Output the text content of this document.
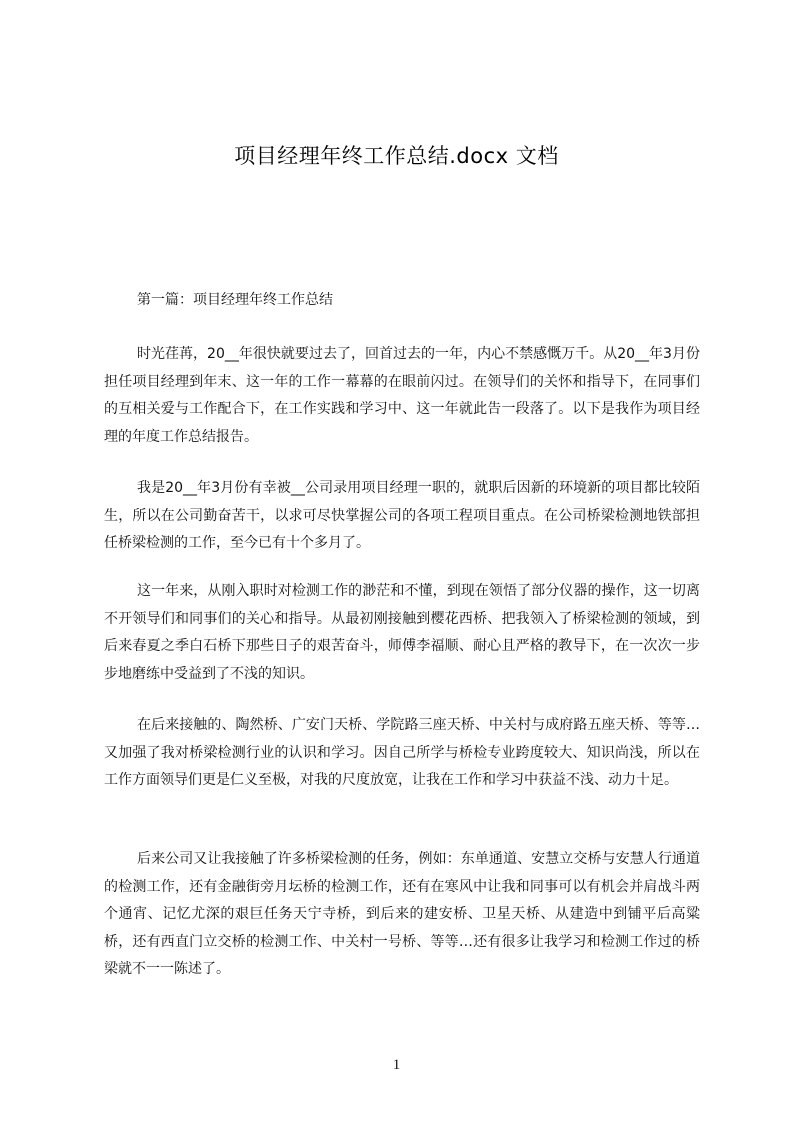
项目经理年终工作总结.docx 文档

第一篇：项目经理年终工作总结

时光荏苒，20__年很快就要过去了，回首过去的一年，内心不禁感慨万千。从20__年3月份担任项目经理到年末、这一年的工作一幕幕的在眼前闪过。在领导们的关怀和指导下，在同事们的互相关爱与工作配合下，在工作实践和学习中、这一年就此告一段落了。以下是我作为项目经理的年度工作总结报告。

我是20__年3月份有幸被__公司录用项目经理一职的，就职后因新的环境新的项目都比较陌生，所以在公司勤奋苦干，以求可尽快掌握公司的各项工程项目重点。在公司桥梁检测地铁部担任桥梁检测的工作，至今已有十个多月了。

这一年来，从刚入职时对检测工作的渺茫和不懂，到现在领悟了部分仪器的操作，这一切离不开领导们和同事们的关心和指导。从最初刚接触到樱花西桥、把我领入了桥梁检测的领域，到后来春夏之季白石桥下那些日子的艰苦奋斗，师傅李福顺、耐心且严格的教导下，在一次次一步步地磨练中受益到了不浅的知识。

在后来接触的、陶然桥、广安门天桥、学院路三座天桥、中关村与成府路五座天桥、等等…又加强了我对桥梁检测行业的认识和学习。因自己所学与桥检专业跨度较大、知识尚浅，所以在工作方面领导们更是仁义至极，对我的尺度放宽，让我在工作和学习中获益不浅、动力十足。

后来公司又让我接触了许多桥梁检测的任务，例如：东单通道、安慧立交桥与安慧人行通道的检测工作，还有金融街旁月坛桥的检测工作，还有在寒风中让我和同事可以有机会并肩战斗两个通宵、记忆尤深的艰巨任务天宁寺桥，到后来的建安桥、卫星天桥、从建造中到铺平后高粱桥，还有西直门立交桥的检测工作、中关村一号桥、等等…还有很多让我学习和检测工作过的桥梁就不一一陈述了。

1
